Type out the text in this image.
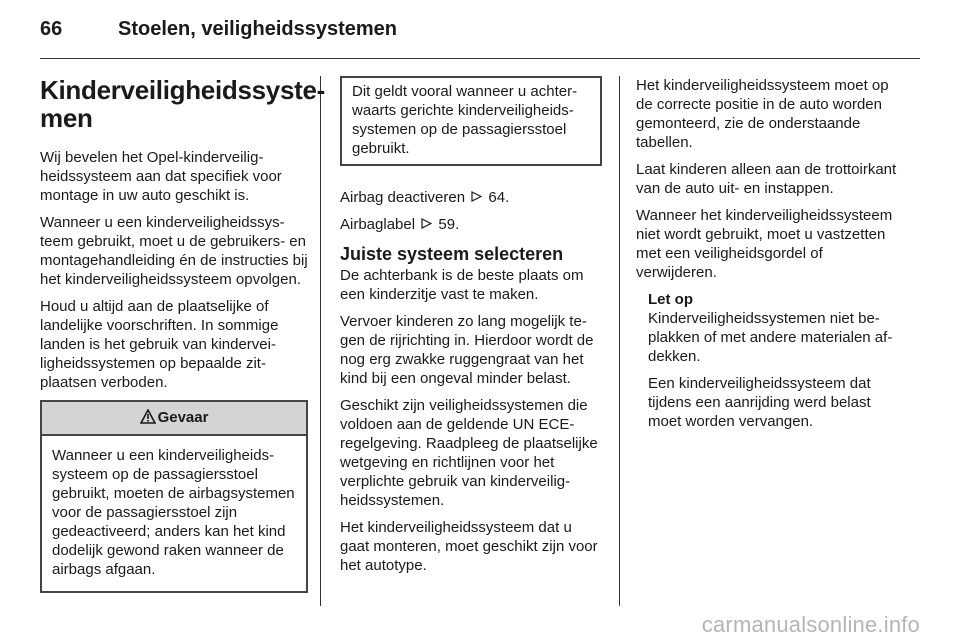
66	Stoelen, veiligheidssystemen
Kinderveiligheidssyste-
men

Wij bevelen het Opel-kinderveiligheidssysteem aan dat specifiek voor montage in uw auto geschikt is.

Wanneer u een kinderveiligheidssysteem gebruikt, moet u de gebruikers- en montagehandleiding én de instructies bij het kinderveiligheidssysteem opvolgen.

Houd u altijd aan de plaatselijke of landelijke voorschriften. In sommige landen is het gebruik van kinderveiligheidssystemen op bepaalde zitplaatsen verboden.

Gevaar

Wanneer u een kinderveiligheidssysteem op de passagiersstoel gebruikt, moeten de airbagsystemen voor de passagiersstoel zijn gedeactiveerd; anders kan het kind dodelijk gewond raken wanneer de airbags afgaan.

Dit geldt vooral wanneer u achterwaarts gerichte kinderveiligheidssystemen op de passagiersstoel gebruikt.

Airbag deactiveren 64.

Airbaglabel 59.

Juiste systeem selecteren

De achterbank is de beste plaats om een kinderzitje vast te maken.

Vervoer kinderen zo lang mogelijk tegen de rijrichting in. Hierdoor wordt de nog erg zwakke ruggengraat van het kind bij een ongeval minder belast.

Geschikt zijn veiligheidssystemen die voldoen aan de geldende UN ECE-regelgeving. Raadpleeg de plaatselijke wetgeving en richtlijnen voor het verplichte gebruik van kinderveiligheidssystemen.

Het kinderveiligheidssysteem dat u gaat monteren, moet geschikt zijn voor het autotype.

Het kinderveiligheidssysteem moet op de correcte positie in de auto worden gemonteerd, zie de onderstaande tabellen.

Laat kinderen alleen aan de trottoirkant van de auto uit- en instappen.

Wanneer het kinderveiligheidssysteem niet wordt gebruikt, moet u vastzetten met een veiligheidsgordel of verwijderen.

Let op

Kinderveiligheidssystemen niet beplakken of met andere materialen afdekken.

Een kinderveiligheidssysteem dat tijdens een aanrijding werd belast moet worden vervangen.

carmanualsonline.info
